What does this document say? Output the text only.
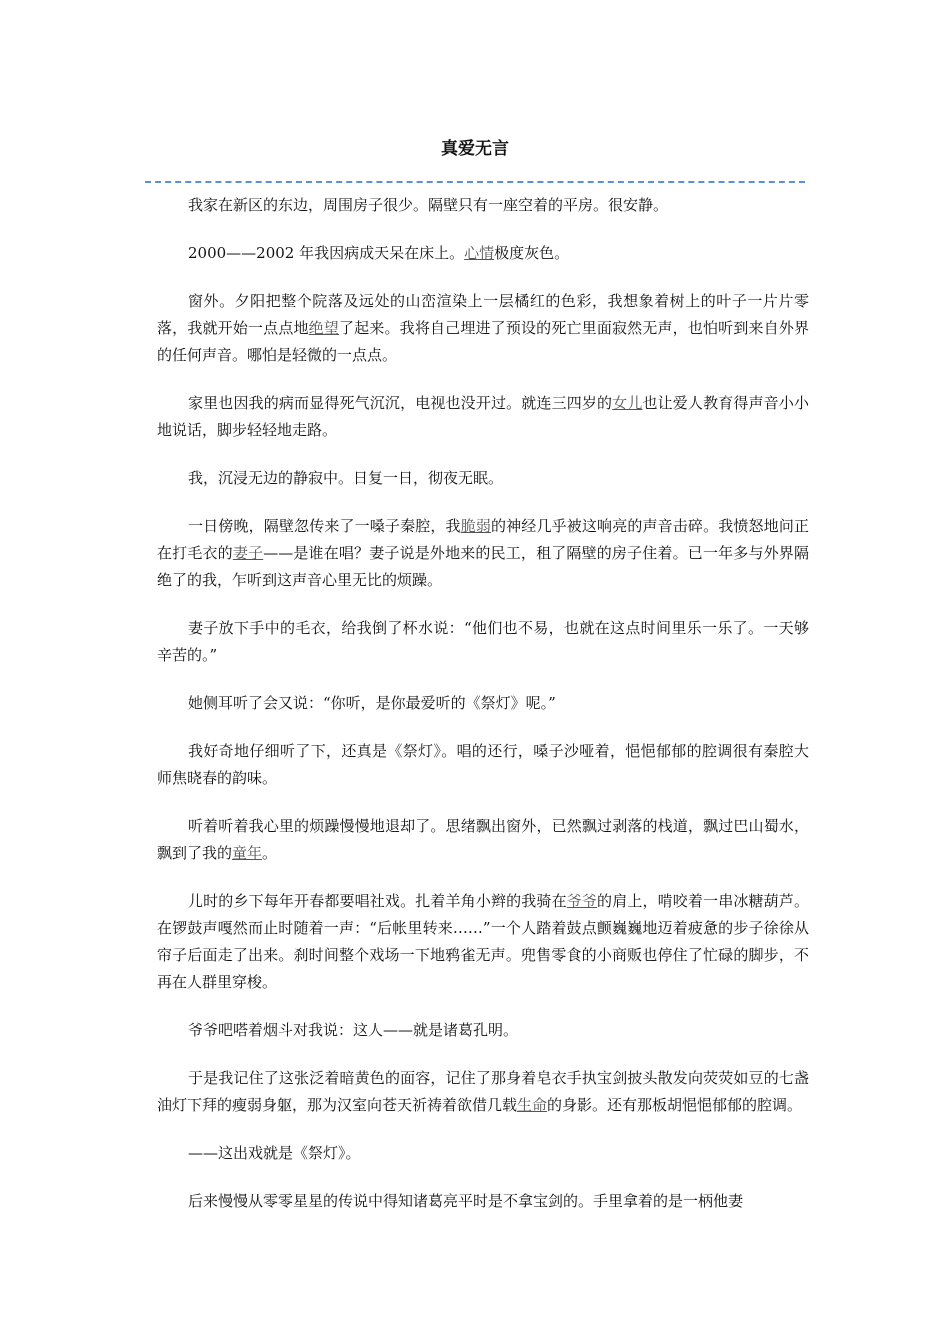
真爱无言

我家在新区的东边，周围房子很少。隔壁只有一座空着的平房。很安静。

2000——2002 年我因病成天呆在床上。心情极度灰色。

窗外。夕阳把整个院落及远处的山峦渲染上一层橘红的色彩，我想象着树上的叶子一片片零落，我就开始一点点地绝望了起来。我将自己埋进了预设的死亡里面寂然无声，也怕听到来自外界的任何声音。哪怕是轻微的一点点。

家里也因我的病而显得死气沉沉，电视也没开过。就连三四岁的女儿也让爱人教育得声音小小地说话，脚步轻轻地走路。

我，沉浸无边的静寂中。日复一日，彻夜无眠。

一日傍晚，隔壁忽传来了一嗓子秦腔，我脆弱的神经几乎被这响亮的声音击碎。我愤怒地问正在打毛衣的妻子——是谁在唱？妻子说是外地来的民工，租了隔壁的房子住着。已一年多与外界隔绝了的我，乍听到这声音心里无比的烦躁。

妻子放下手中的毛衣，给我倒了杯水说：“他们也不易，也就在这点时间里乐一乐了。一天够辛苦的。”

她侧耳听了会又说：“你听，是你最爱听的《祭灯》呢。”

我好奇地仔细听了下，还真是《祭灯》。唱的还行，嗓子沙哑着，悒悒郁郁的腔调很有秦腔大师焦晓春的韵味。

听着听着我心里的烦躁慢慢地退却了。思绪飘出窗外，已然飘过剥落的栈道，飘过巴山蜀水，飘到了我的童年。

儿时的乡下每年开春都要唱社戏。扎着羊角小辫的我骑在爷爷的肩上，啃咬着一串冰糖葫芦。在锣鼓声嘎然而止时随着一声：“后帐里转来……”一个人踏着鼓点颤巍巍地迈着疲惫的步子徐徐从帘子后面走了出来。刹时间整个戏场一下地鸦雀无声。兜售零食的小商贩也停住了忙碌的脚步，不再在人群里穿梭。

爷爷吧嗒着烟斗对我说：这人——就是诸葛孔明。

于是我记住了这张泛着暗黄色的面容，记住了那身着皂衣手执宝剑披头散发向荧荧如豆的七盏油灯下拜的瘦弱身躯，那为汉室向苍天祈祷着欲借几载生命的身影。还有那板胡悒悒郁郁的腔调。

——这出戏就是《祭灯》。

后来慢慢从零零星星的传说中得知诸葛亮平时是不拿宝剑的。手里拿着的是一柄他妻
